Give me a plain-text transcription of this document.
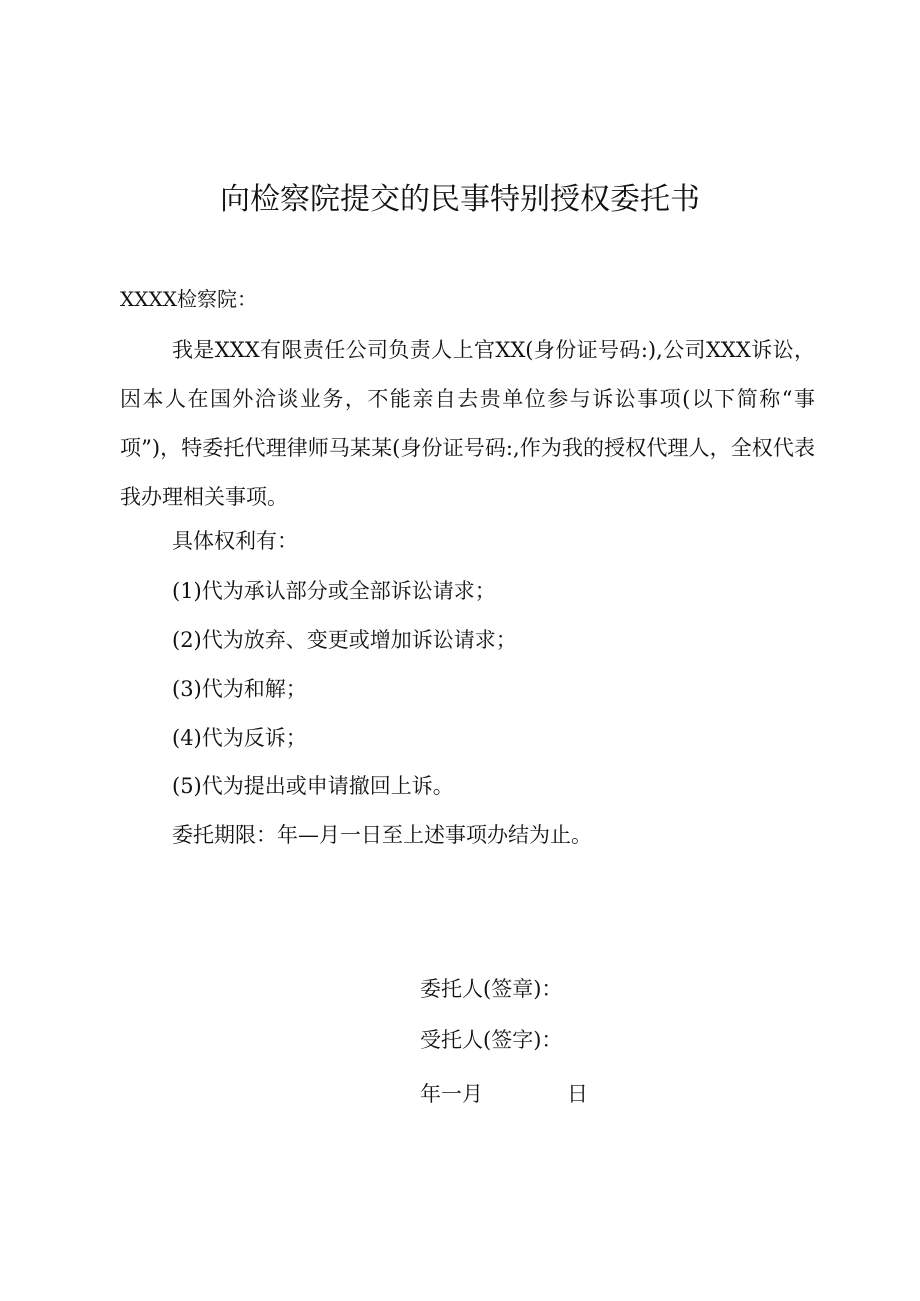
向检察院提交的民事特别授权委托书
XXXX检察院：
我是XXX有限责任公司负责人上官XX(身份证号码:),公司XXX诉讼，因本人在国外洽谈业务，不能亲自去贵单位参与诉讼事项(以下简称“事项”)，特委托代理律师马某某(身份证号码:,作为我的授权代理人，全权代表我办理相关事项。
具体权利有：
(1)代为承认部分或全部诉讼请求；
(2)代为放弃、变更或增加诉讼请求；
(3)代为和解；
(4)代为反诉；
(5)代为提出或申请撤回上诉。
委托期限：年—月一日至上述事项办结为止。
委托人(签章)：
受托人(签字)：
年一月	日
